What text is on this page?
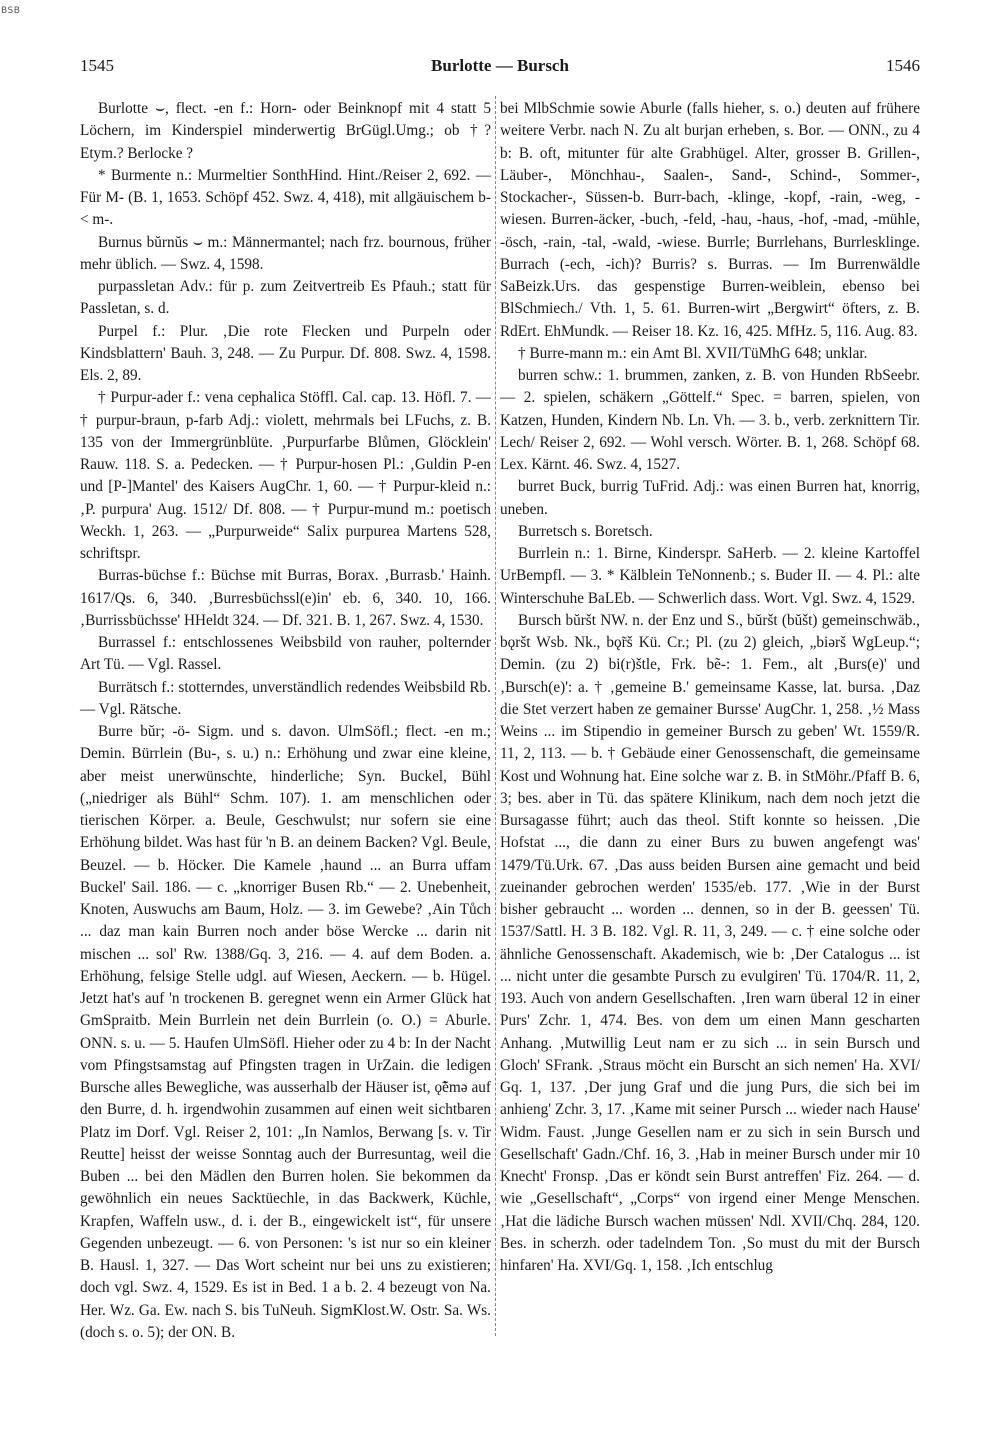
BSB
1545	Burlotte — Bursch	1546

Burlotte ⌣, flect. -en f.: Horn- oder Beinknopf mit 4 statt 5 Löchern, im Kinderspiel minderwertig BrGügl.Umg.; ob †? Etym.? Berlocke ?

* Burmente n.: Murmeltier SonthHind. Hint./Reiser 2, 692. — Für M- (B. 1, 1653. Schöpf 452. Swz. 4, 418), mit allgäuischem b- < m-.

Burnus bŭrnŭs ⌣ m.: Männermantel; nach frz. bournous, früher mehr üblich. — Swz. 4, 1598.

purpassletan Adv.: für p. zum Zeitvertreib Es Pfauh.; statt für Passletan, s. d.

Purpel f.: Plur. ‚Die rote Flecken und Purpeln oder Kindsblattern' Bauh. 3, 248. — Zu Purpur. Df. 808. Swz. 4, 1598. Els. 2, 89.

† Purpur-ader f.: vena cephalica Stöffl. Cal. cap. 13. Höfl. 7. — † purpur-braun, p-farb Adj.: violett, mehrmals bei LFuchs, z. B. 135 von der Immergrünblüte. ‚Purpurfarbe Blůmen, Glöcklein' Rauw. 118. S. a. Pedecken. — † Purpur-hosen Pl.: ‚Guldin P-en und [P-]Mantel' des Kaisers AugChr. 1, 60. — † Purpur-kleid n.: ‚P. purpura' Aug. 1512/ Df. 808. — † Purpur-mund m.: poetisch Weckh. 1, 263. — „Purpurweide“ Salix purpurea Martens 528, schriftspr.

Burras-büchse f.: Büchse mit Burras, Borax. ‚Burrasb.' Hainh. 1617/Qs. 6, 340. ‚Burresbüchssl(e)in' eb. 6, 340. 10, 166. ‚Burrissbüchsse' HHeldt 324. — Df. 321. B. 1, 267. Swz. 4, 1530.

Burrassel f.: entschlossenes Weibsbild von rauher, polternder Art Tü. — Vgl. Rassel.

Burrätsch f.: stotterndes, unverständlich redendes Weibsbild Rb. — Vgl. Rätsche.

Burre bŭr; -ö- Sigm. und s. davon. UlmSöfl.; flect. -en m.; Demin. Bürrlein (Bu-, s. u.) n.: Erhöhung und zwar eine kleine, aber meist unerwünschte, hinderliche; Syn. Buckel, Bühl („niedriger als Bühl“ Schm. 107). 1. am menschlichen oder tierischen Körper. a. Beule, Geschwulst; nur sofern sie eine Erhöhung bildet. Was hast für 'n B. an deinem Backen? Vgl. Beule, Beuzel. — b. Höcker. Die Kamele ‚haund ... an Burra uffam Buckel' Sail. 186. — c. „knorriger Busen Rb.“ — 2. Unebenheit, Knoten, Auswuchs am Baum, Holz. — 3. im Gewebe? ‚Ain Tůch ... daz man kain Burren noch ander böse Wercke ... darin nit mischen ... sol' Rw. 1388/Gq. 3, 216. — 4. auf dem Boden. a. Erhöhung, felsige Stelle udgl. auf Wiesen, Aeckern. — b. Hügel. Jetzt hat's auf 'n trockenen B. geregnet wenn ein Armer Glück hat GmSpraitb. Mein Burrlein net dein Burrlein (o. O.) = Aburle. ONN. s. u. — 5. Haufen UlmSöfl. Hieher oder zu 4 b: In der Nacht vom Pfingstsamstag auf Pfingsten tragen in UrZain. die ledigen Bursche alles Bewegliche, was ausserhalb der Häuser ist, ǫ̃ẽmə auf den Burre, d. h. irgendwohin zusammen auf einen weit sichtbaren Platz im Dorf. Vgl. Reiser 2, 101: „In Namlos, Berwang [s. v. Tir Reutte] heisst der weisse Sonntag auch der Burresuntag, weil die Buben ... bei den Mädlen den Burren holen. Sie bekommen da gewöhnlich ein neues Sacktüechle, in das Backwerk, Küchle, Krapfen, Waffeln usw., d. i. der B., eingewickelt ist“, für unsere Gegenden unbezeugt. — 6. von Personen: 's ist nur so ein kleiner B. Hausl. 1, 327. — Das Wort scheint nur bei uns zu existieren; doch vgl. Swz. 4, 1529. Es ist in Bed. 1 a b. 2. 4 bezeugt von Na. Her. Wz. Ga. Ew. nach S. bis TuNeuh. SigmKlost.W. Ostr. Sa. Ws. (doch s. o. 5); der ON. B.

bei MlbSchmie sowie Aburle (falls hieher, s. o.) deuten auf frühere weitere Verbr. nach N. Zu alt burjan erheben, s. Bor. — ONN., zu 4 b: B. oft, mitunter für alte Grabhügel. Alter, grosser B. Grillen-, Läuber-, Mönchhau-, Saalen-, Sand-, Schind-, Sommer-, Stockacher-, Süssen-b. Burr-bach, -klinge, -kopf, -rain, -weg, -wiesen. Burren-äcker, -buch, -feld, -hau, -haus, -hof, -mad, -mühle, -ösch, -rain, -tal, -wald, -wiese. Burrle; Burrlehans, Burrlesklinge. Burrach (-ech, -ich)? Burris? s. Burras. — Im Burrenwäldle SaBeizk.Urs. das gespenstige Burren-weiblein, ebenso bei BlSchmiech./ Vth. 1, 5. 61. Burren-wirt „Bergwirt“ öfters, z. B. RdErt. EhMundk. — Reiser 18. Kz. 16, 425. MfHz. 5, 116. Aug. 83.

† Burre-mann m.: ein Amt Bl. XVII/TüMhG 648; unklar.

burren schw.: 1. brummen, zanken, z. B. von Hunden RbSeebr. — 2. spielen, schäkern „Göttelf.“ Spec. = barren, spielen, von Katzen, Hunden, Kindern Nb. Ln. Vh. — 3. b., verb. zerknittern Tir. Lech/ Reiser 2, 692. — Wohl versch. Wörter. B. 1, 268. Schöpf 68. Lex. Kärnt. 46. Swz. 4, 1527.

burret Buck, burrig TuFrid. Adj.: was einen Burren hat, knorrig, uneben.

Burretsch s. Boretsch.

Burrlein n.: 1. Birne, Kinderspr. SaHerb. — 2. kleine Kartoffel UrBempfl. — 3. * Kälblein TeNonnenb.; s. Buder II. — 4. Pl.: alte Winterschuhe BaLEb. — Schwerlich dass. Wort. Vgl. Swz. 4, 1529.

Bursch bŭršt NW. n. der Enz und S., bŭršt (bŭšt) gemeinschwäb., bǫršt Wsb. Nk., bǫ̃rš Kü. Cr.; Pl. (zu 2) gleich, „biərš WgLeup.“; Demin. (zu 2) bi(r)štle, Frk. bẽ-: 1. Fem., alt ‚Burs(e)' und ‚Bursch(e)': a. † ‚gemeine B.' gemeinsame Kasse, lat. bursa. ‚Daz die Stet verzert haben ze gemainer Bursse' AugChr. 1, 258. ‚½ Mass Weins ... im Stipendio in gemeiner Bursch zu geben' Wt. 1559/R. 11, 2, 113. — b. † Gebäude einer Genossenschaft, die gemeinsame Kost und Wohnung hat. Eine solche war z. B. in StMöhr./Pfaff B. 6, 3; bes. aber in Tü. das spätere Klinikum, nach dem noch jetzt die Bursagasse führt; auch das theol. Stift konnte so heissen. ‚Die Hofstat ..., die dann zu einer Burs zu buwen angefengt was' 1479/Tü.Urk. 67. ‚Das auss beiden Bursen aine gemacht und beid zueinander gebrochen werden' 1535/eb. 177. ‚Wie in der Burst bisher gebraucht ... worden ... dennen, so in der B. geessen' Tü. 1537/Sattl. H. 3 B. 182. Vgl. R. 11, 3, 249. — c. † eine solche oder ähnliche Genossenschaft. Akademisch, wie b: ‚Der Catalogus ... ist ... nicht unter die gesambte Pursch zu evulgiren' Tü. 1704/R. 11, 2, 193. Auch von andern Gesellschaften. ‚Iren warn überal 12 in einer Purs' Zchr. 1, 474. Bes. von dem um einen Mann gescharten Anhang. ‚Mutwillig Leut nam er zu sich ... in sein Bursch und Gloch' SFrank. ‚Straus möcht ein Burscht an sich nemen' Ha. XVI/ Gq. 1, 137. ‚Der jung Graf und die jung Purs, die sich bei im anhieng' Zchr. 3, 17. ‚Kame mit seiner Pursch ... wieder nach Hause' Widm. Faust. ‚Junge Gesellen nam er zu sich in sein Bursch und Gesellschaft' Gadn./Chf. 16, 3. ‚Hab in meiner Bursch under mir 10 Knecht' Fronsp. ‚Das er köndt sein Burst antreffen' Fiz. 264. — d. wie „Gesellschaft“, „Corps“ von irgend einer Menge Menschen. ‚Hat die lädiche Bursch wachen müssen' Ndl. XVII/Chq. 284, 120. Bes. in scherzh. oder tadelndem Ton. ‚So must du mit der Bursch hinfaren' Ha. XVI/Gq. 1, 158. ‚Ich entschlug
